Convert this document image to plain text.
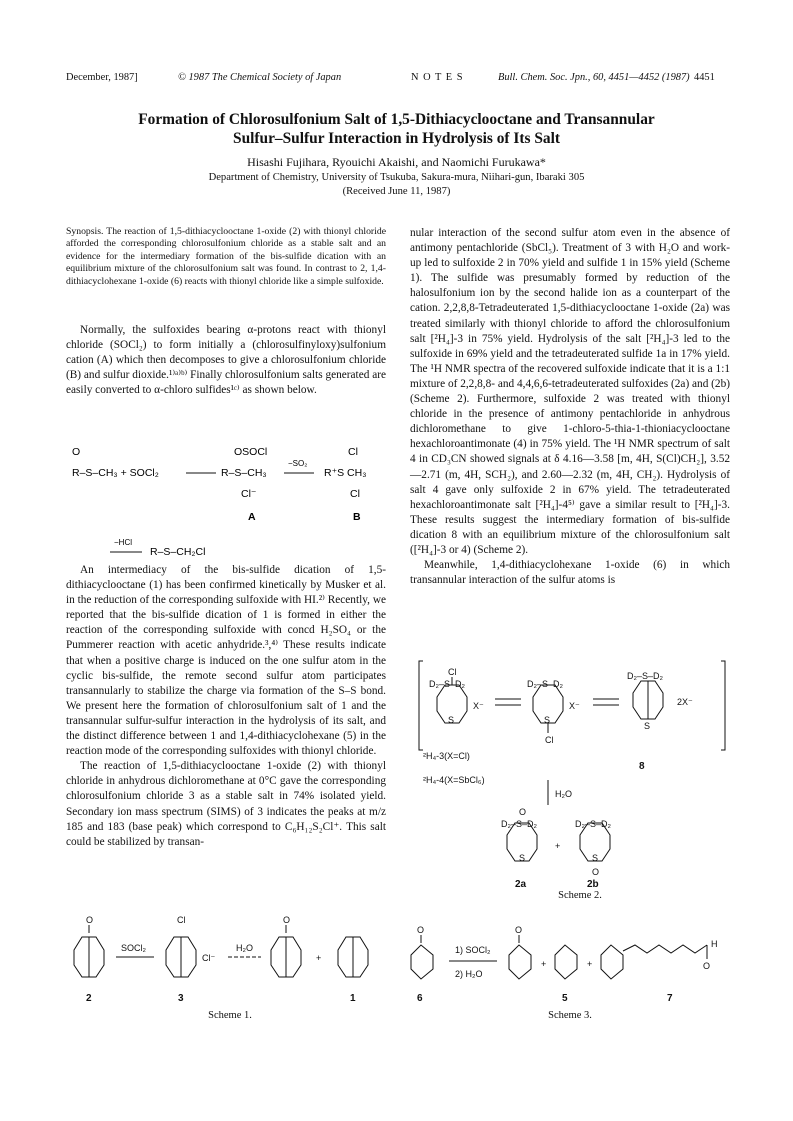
December, 1987]	© 1987 The Chemical Society of Japan	N O T E S	Bull. Chem. Soc. Jpn., 60, 4451—4452 (1987) 4451
Formation of Chlorosulfonium Salt of 1,5-Dithiacyclooctane and Transannular
Sulfur–Sulfur Interaction in Hydrolysis of Its Salt
Hisashi Fujihara, Ryouichi Akaishi, and Naomichi Furukawa*
Department of Chemistry, University of Tsukuba, Sakura-mura, Niihari-gun, Ibaraki 305
(Received June 11, 1987)

Synopsis. The reaction of 1,5-dithiacyclooctane 1-oxide (2) with thionyl chloride afforded the corresponding chlorosulfonium chloride as a stable salt and an evidence for the intermediary formation of the bis-sulfide dication with an equilibrium mixture of the chlorosulfonium salt was found. In contrast to 2, 1,4-dithiacyclohexane 1-oxide (6) reacts with thionyl chloride like a simple sulfoxide.

Normally, the sulfoxides bearing α-protons react with thionyl chloride (SOCl₂) to form initially a (chlorosulfinyloxy)sulfonium cation (A) which then decomposes to give a chlorosulfonium chloride (B) and sulfur dioxide.¹⁾ᵃ⁾ᵇ⁾ Finally chlorosulfonium salts generated are easily converted to α-chloro sulfides¹ᶜ⁾ as shown below.

O
R–S–CH₃ + SOCl₂
OSOCl
R–S–CH₃
Cl⁻
−SO₂
Cl
R⁺S CH₃
Cl
A	B
−HCl
R–S–CH₂Cl

An intermediacy of the bis-sulfide dication of 1,5-dithiacyclooctane (1) has been confirmed kinetically by Musker et al. in the reduction of the corresponding sulfoxide with HI.²⁾ Recently, we reported that the bis-sulfide dication of 1 is formed in either the reaction of the corresponding sulfoxide with concd H₂SO₄ or the Pummerer reaction with acetic anhydride.³,⁴⁾ These results indicate that when a positive charge is induced on the one sulfur atom in the cyclic bis-sulfide, the remote second sulfur atom participates transannularly to stabilize the charge via formation of the S–S bond. We present here the formation of chlorosulfonium salt of 1 and the transannular sulfur-sulfur interaction in the hydrolysis of its salt, and the distinct difference between 1 and 1,4-dithiacyclohexane (5) in the reaction mode of the corresponding sulfoxides with thionyl chloride.

The reaction of 1,5-dithiacyclooctane 1-oxide (2) with thionyl chloride in anhydrous dichloromethane at 0°C gave the corresponding chlorosulfonium chloride 3 as a stable salt in 74% isolated yield. Secondary ion mass spectrum (SIMS) of 3 indicates the peaks at m/z 185 and 183 (base peak) which correspond to C₆H₁₂S₂Cl⁺. This salt could be stabilized by transan-

nular interaction of the second sulfur atom even in the absence of antimony pentachloride (SbCl₅). Treatment of 3 with H₂O and work-up led to sulfoxide 2 in 70% yield and sulfide 1 in 15% yield (Scheme 1). The sulfide was presumably formed by reduction of the halosulfonium ion by the second halide ion as a counterpart of the cation. 2,2,8,8-Tetradeuterated 1,5-dithiacyclooctane 1-oxide (2a) was treated similarly with thionyl chloride to afford the chlorosulfonium salt [²H₄]-3 in 75% yield. Hydrolysis of the salt [²H₄]-3 led to the sulfoxide in 69% yield and the tetradeuterated sulfide 1a in 17% yield. The ¹H NMR spectra of the recovered sulfoxide indicate that it is a 1:1 mixture of 2,2,8,8- and 4,4,6,6-tetradeuterated sulfoxides (2a) and (2b) (Scheme 2). Furthermore, sulfoxide 2 was treated with thionyl chloride in the presence of antimony pentachloride in anhydrous dichloromethane to give 1-chloro-5-thia-1-thioniacyclooctane hexachloroantimonate (4) in 75% yield. The ¹H NMR spectrum of salt 4 in CD₃CN showed signals at δ 4.16—3.58 [m, 4H, S(Cl)CH₂], 3.52—2.71 (m, 4H, SCH₂), and 2.60—2.32 (m, 4H, CH₂). Hydrolysis of salt 4 gave only sulfoxide 2 in 67% yield. The tetradeuterated hexachloroantimonate salt [²H₄]-4⁵⁾ gave a similar result to [²H₄]-3. These results suggest the intermediary formation of bis-sulfide dication 8 with an equilibrium mixture of the chlorosulfonium salt ([²H₄]-3 or 4) (Scheme 2).

Meanwhile, 1,4-dithiacyclohexane 1-oxide (6) in which transannular interaction of the sulfur atoms is

Cl
D₂–S–D₂
S
X⁻
D₂–S–D₂
S
Cl
X⁻
D₂–S–D₂
S
2X⁻
²H₄-3(X=Cl)
²H₄-4(X=SbCl₆)
H₂O
O
D₂–S–D₂
S
+
D₂–S–D₂
S
O
8
2a	2b
Scheme 2.
O
SOCl₂
Cl
Cl⁻
H₂O
O
+
2	3	1
Scheme 1.
O
1) SOCl₂
2) H₂O
O
+	+
H
O
6	5	7
Scheme 3.
